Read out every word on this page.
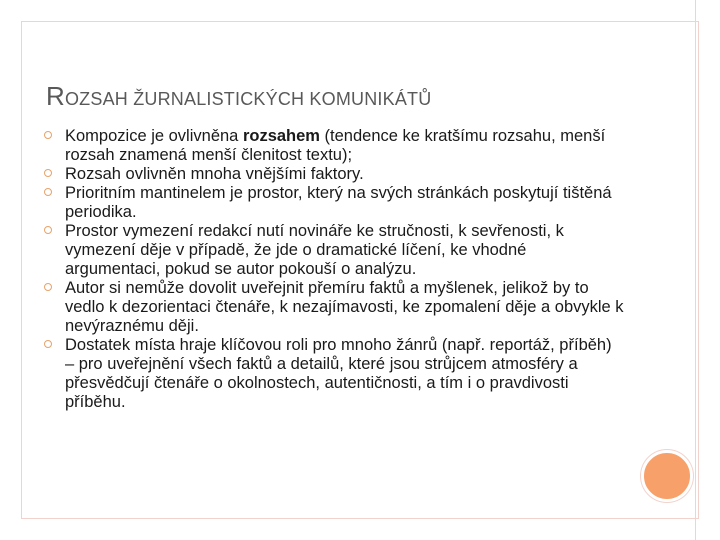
ROZSAH ŽURNALISTICKÝCH KOMUNIKÁTŮ
Kompozice je ovlivněna rozsahem (tendence ke kratšímu rozsahu, menší rozsah znamená menší členitost textu);
Rozsah ovlivněn mnoha vnějšími faktory.
Prioritním mantinelem je prostor, který na svých stránkách poskytují tištěná periodika.
Prostor vymezení redakcí nutí novináře ke stručnosti, k sevřenosti, k vymezení děje v případě, že jde o dramatické líčení, ke vhodné argumentaci, pokud se autor pokouší o analýzu.
Autor si nemůže dovolit uveřejnit přemíru faktů a myšlenek, jelikož by to vedlo k dezorientaci čtenáře, k nezajímavosti, ke zpomalení děje a obvykle k nevýraznému ději.
Dostatek místa hraje klíčovou roli pro mnoho žánrů (např. reportáž, příběh) – pro uveřejnění všech faktů a detailů, které jsou strůjcem atmosféry a přesvědčují čtenáře o okolnostech, autentičnosti, a tím i o pravdivosti příběhu.
